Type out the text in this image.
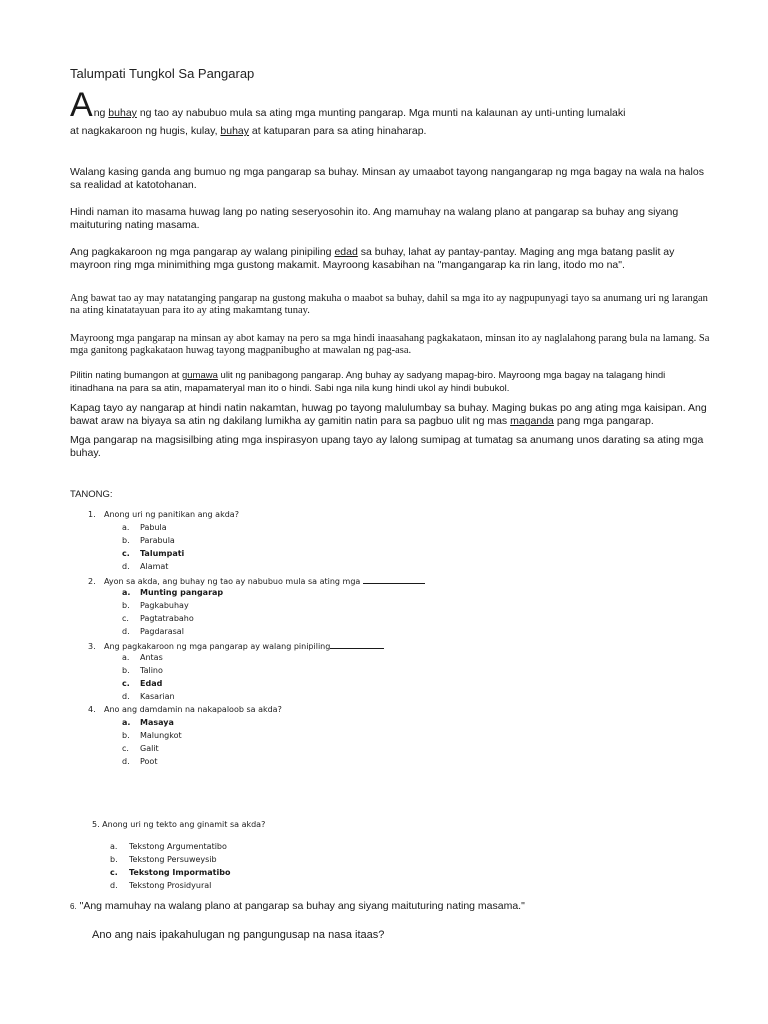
Talumpati Tungkol Sa Pangarap
A ng buhay ng tao ay nabubuo mula sa ating mga munting pangarap. Mga munti na kalaunan ay unti-unting lumalaki
at nagkakaroon ng hugis, kulay, buhay at katuparan para sa ating hinaharap.
Walang kasing ganda ang bumuo ng mga pangarap sa buhay. Minsan ay umaabot tayong nangangarap ng mga bagay na wala na halos sa realidad at katotohanan.
Hindi naman ito masama huwag lang po nating seseryosohin ito. Ang mamuhay na walang plano at pangarap sa buhay ang siyang maituturing nating masama.
Ang pagkakaroon ng mga pangarap ay walang pinipiling edad sa buhay, lahat ay pantay-pantay. Maging ang mga batang paslit ay mayroon ring mga minimithing mga gustong makamit. Mayroong kasabihan na "mangangarap ka rin lang, itodo mo na".
Ang bawat tao ay may natatanging pangarap na gustong makuha o maabot sa buhay, dahil sa mga ito ay nagpupunyagi tayo sa anumang uri ng larangan na ating kinatatayuan para ito ay ating makamtang tunay.
Mayroong mga pangarap na minsan ay abot kamay na pero sa mga hindi inaasahang pagkakataon, minsan ito ay naglalahong parang bula na lamang. Sa mga ganitong pagkakataon huwag tayong magpanibugho at mawalan ng pag-asa.
Pilitin nating bumangon at gumawa ulit ng panibagong pangarap. Ang buhay ay sadyang mapag-biro. Mayroong mga bagay na talagang hindi itinadhana na para sa atin, mapamateryal man ito o hindi. Sabi nga nila kung hindi ukol ay hindi bubukol.
Kapag tayo ay nangarap at hindi natin nakamtan, huwag po tayong malulumbay sa buhay. Maging bukas po ang ating mga kaisipan. Ang bawat araw na biyaya sa atin ng dakilang lumikha ay gamitin natin para sa pagbuo ulit ng mas maganda pang mga pangarap.
Mga pangarap na magsisilbing ating mga inspirasyon upang tayo ay lalong sumipag at tumatag sa anumang unos darating sa ating mga buhay.
TANONG:
1. Anong uri ng panitikan ang akda?
a. Pabula
b. Parabula
c. Talumpati
d. Alamat
2. Ayon sa akda, ang buhay ng tao ay nabubuo mula sa ating mga
a. Munting pangarap
b. Pagkabuhay
c. Pagtatrabaho
d. Pagdarasal
3. Ang pagkakaroon ng mga pangarap ay walang pinipiling
a. Antas
b. Talino
c. Edad
d. Kasarian
4. Ano ang damdamin na nakapaloob sa akda?
a. Masaya
b. Malungkot
c. Galit
d. Poot
5. Anong uri ng tekto ang ginamit sa akda?
a. Tekstong Argumentatibo
b. Tekstong Persuweysib
c. Tekstong Impormatibo
d. Tekstong Prosidyural
6. "Ang mamuhay na walang plano at pangarap sa buhay ang siyang maituturing nating masama."
Ano ang nais ipakahulugan ng pangungusap na nasa itaas?
